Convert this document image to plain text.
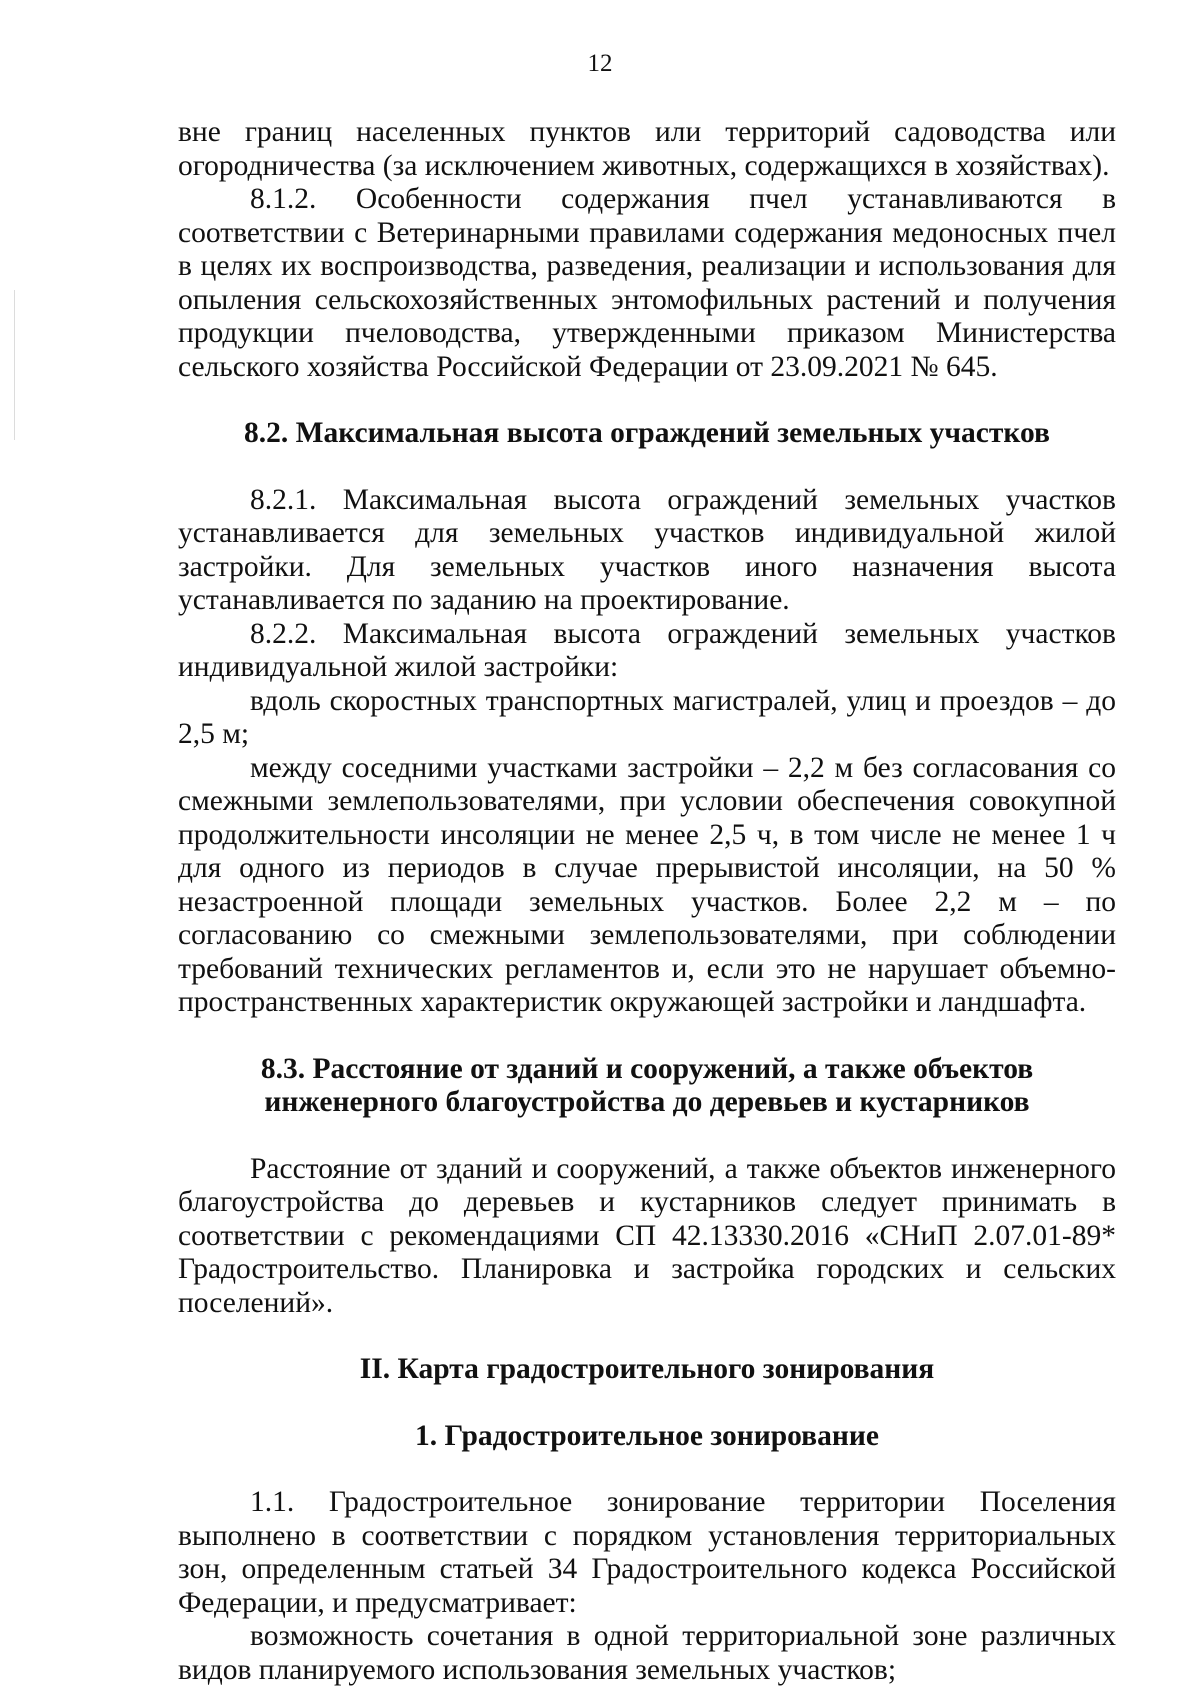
12

вне границ населенных пунктов или территорий садоводства или огородничества (за исключением животных, содержащихся в хозяйствах).

8.1.2. Особенности содержания пчел устанавливаются в соответствии с Ветеринарными правилами содержания медоносных пчел в целях их воспроизводства, разведения, реализации и использования для опыления сельскохозяйственных энтомофильных растений и получения продукции пчеловодства, утвержденными приказом Министерства сельского хозяйства Российской Федерации от 23.09.2021 № 645.

8.2. Максимальная высота ограждений земельных участков

8.2.1. Максимальная высота ограждений земельных участков устанавливается для земельных участков индивидуальной жилой застройки. Для земельных участков иного назначения высота устанавливается по заданию на проектирование.

8.2.2. Максимальная высота ограждений земельных участков индивидуальной жилой застройки:

вдоль скоростных транспортных магистралей, улиц и проездов – до 2,5 м;

между соседними участками застройки – 2,2 м без согласования со смежными землепользователями, при условии обеспечения совокупной продолжительности инсоляции не менее 2,5 ч, в том числе не менее 1 ч для одного из периодов в случае прерывистой инсоляции, на 50 % незастроенной площади земельных участков. Более 2,2 м – по согласованию со смежными землепользователями, при соблюдении требований технических регламентов и, если это не нарушает объемно-пространственных характеристик окружающей застройки и ландшафта.

8.3. Расстояние от зданий и сооружений, а также объектов
инженерного благоустройства до деревьев и кустарников

Расстояние от зданий и сооружений, а также объектов инженерного благоустройства до деревьев и кустарников следует принимать в соответствии с рекомендациями СП 42.13330.2016 «СНиП 2.07.01-89* Градостроительство. Планировка и застройка городских и сельских поселений».

II. Карта градостроительного зонирования
1. Градостроительное зонирование

1.1. Градостроительное зонирование территории Поселения выполнено в соответствии с порядком установления территориальных зон, определенным статьей 34 Градостроительного кодекса Российской Федерации, и предусматривает:

возможность сочетания в одной территориальной зоне различных видов планируемого использования земельных участков;
